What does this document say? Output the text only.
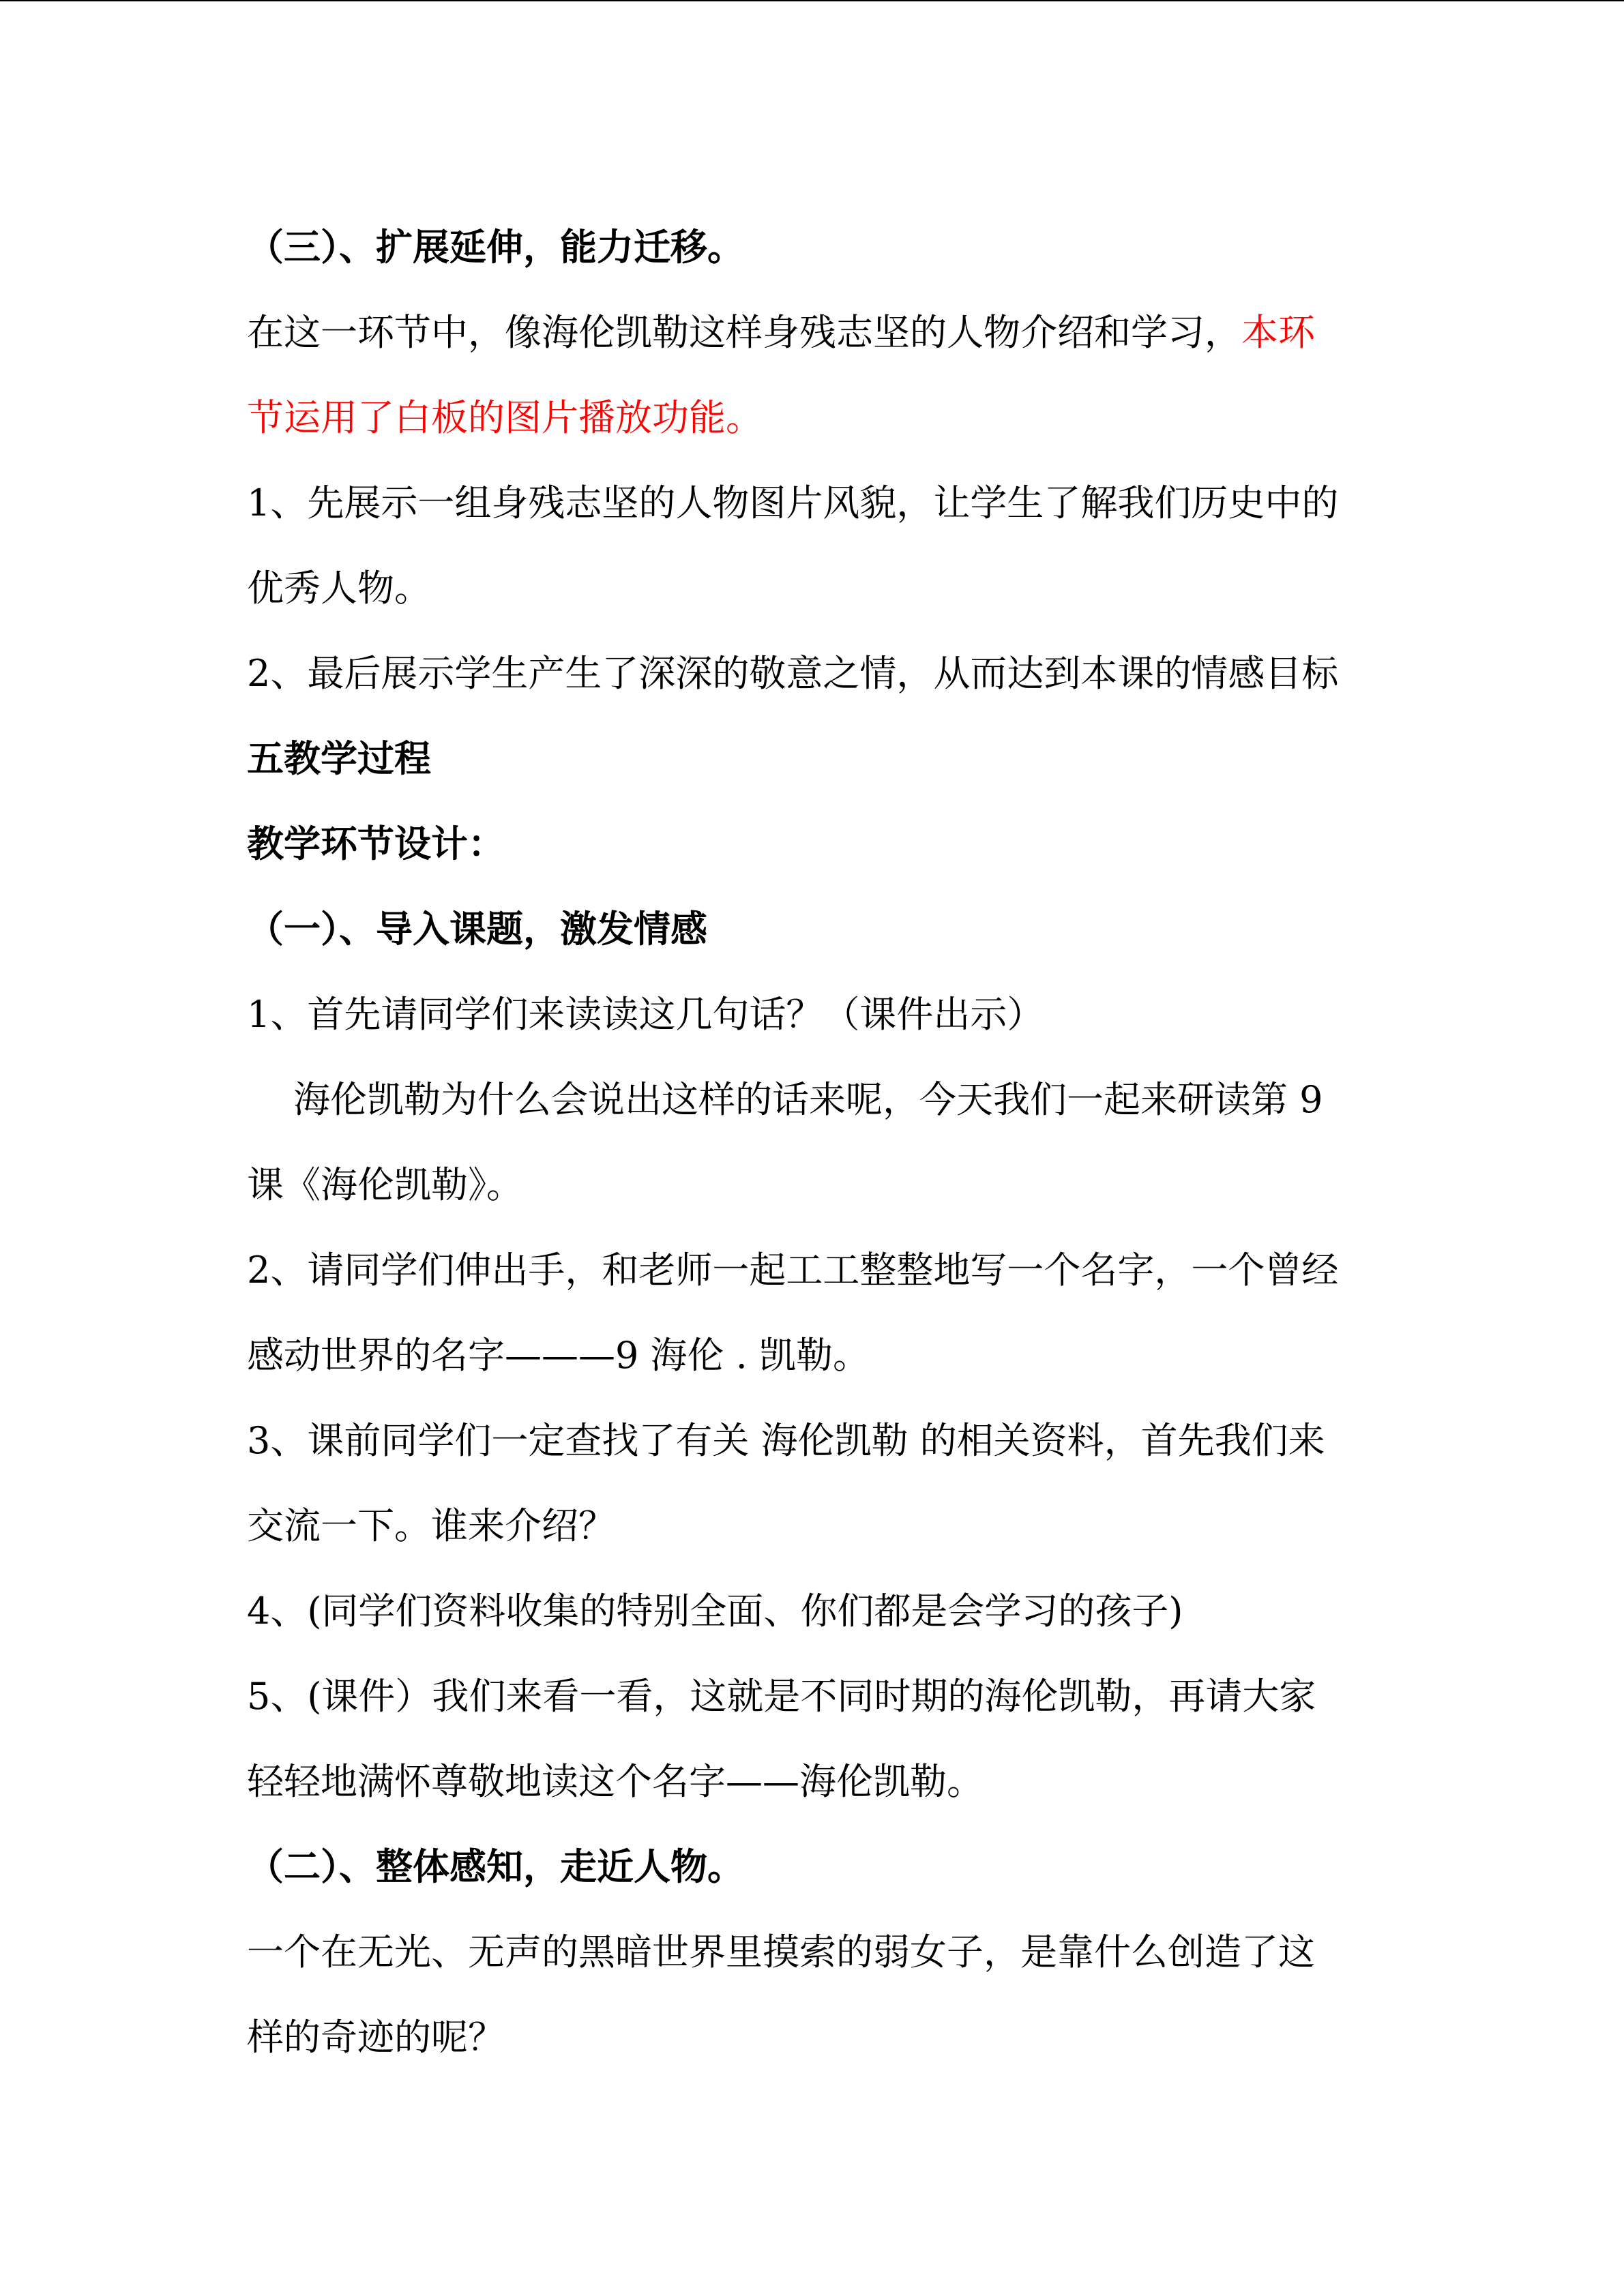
（三）、扩展延伸，能力迁移。
在这一环节中，像海伦凯勒这样身残志坚的人物介绍和学习，本环
节运用了白板的图片播放功能。
1、先展示一组身残志坚的人物图片风貌，让学生了解我们历史中的
优秀人物。
2、最后展示学生产生了深深的敬意之情，从而达到本课的情感目标
五教学过程
教学环节设计：
（一）、导入课题，激发情感
1、首先请同学们来读读这几句话？（课件出示）
海伦凯勒为什么会说出这样的话来呢，今天我们一起来研读第 9
课《海伦凯勒》。
2、请同学们伸出手，和老师一起工工整整地写一个名字，一个曾经
感动世界的名字———9 海伦 . 凯勒。
3、课前同学们一定查找了有关 海伦凯勒 的相关资料，首先我们来
交流一下。谁来介绍？
4、(同学们资料收集的特别全面、你们都是会学习的孩子)
5、(课件）我们来看一看，这就是不同时期的海伦凯勒，再请大家
轻轻地满怀尊敬地读这个名字——海伦凯勒。
（二）、整体感知，走近人物。
一个在无光、无声的黑暗世界里摸索的弱女子，是靠什么创造了这
样的奇迹的呢？
